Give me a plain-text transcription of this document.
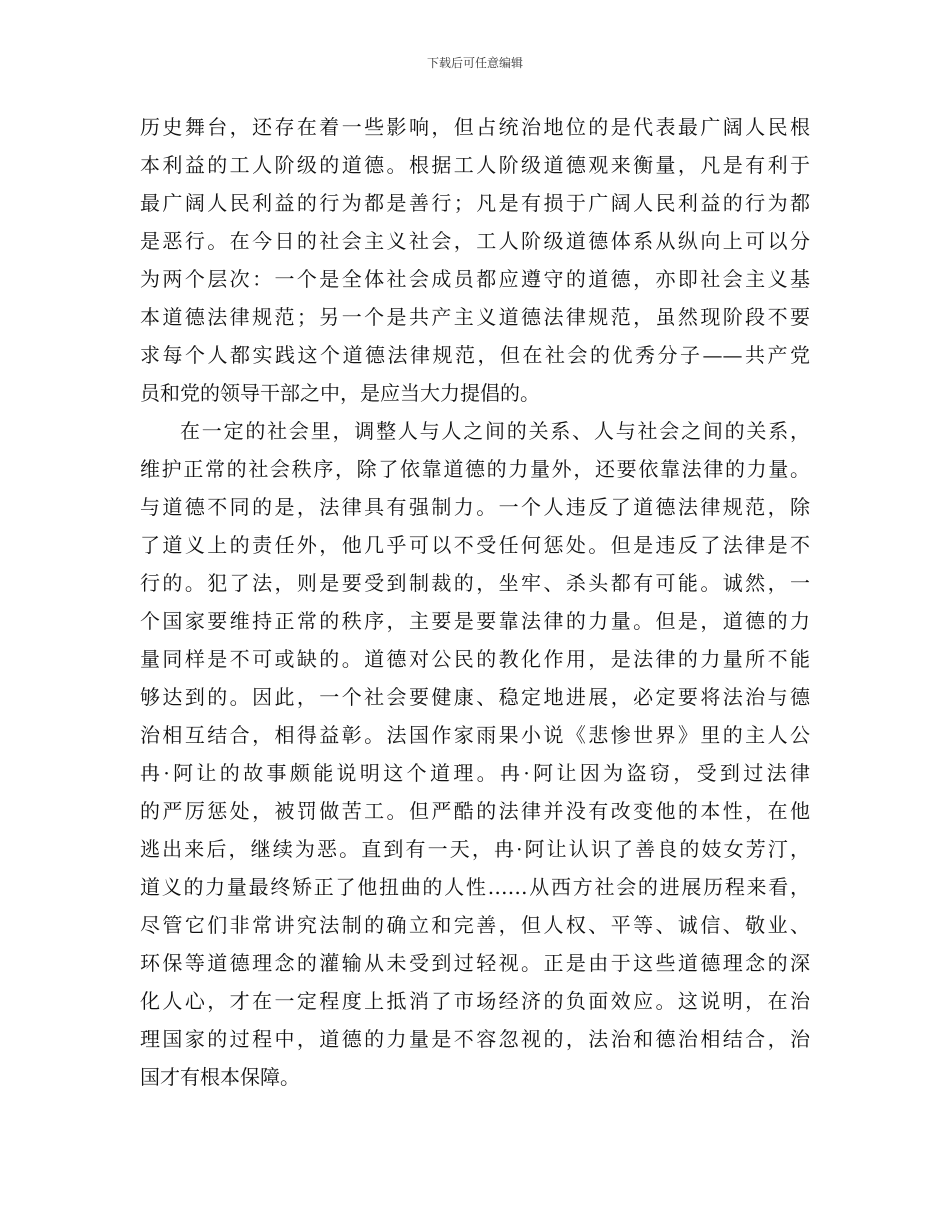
下载后可任意编辑
历史舞台，还存在着一些影响，但占统治地位的是代表最广阔人民根
本利益的工人阶级的道德。根据工人阶级道德观来衡量，凡是有利于
最广阔人民利益的行为都是善行；凡是有损于广阔人民利益的行为都
是恶行。在今日的社会主义社会，工人阶级道德体系从纵向上可以分
为两个层次：一个是全体社会成员都应遵守的道德，亦即社会主义基
本道德法律规范；另一个是共产主义道德法律规范，虽然现阶段不要
求每个人都实践这个道德法律规范，但在社会的优秀分子——共产党
员和党的领导干部之中，是应当大力提倡的。
在一定的社会里，调整人与人之间的关系、人与社会之间的关系，
维护正常的社会秩序，除了依靠道德的力量外，还要依靠法律的力量。
与道德不同的是，法律具有强制力。一个人违反了道德法律规范，除
了道义上的责任外，他几乎可以不受任何惩处。但是违反了法律是不
行的。犯了法，则是要受到制裁的，坐牢、杀头都有可能。诚然，一
个国家要维持正常的秩序，主要是要靠法律的力量。但是，道德的力
量同样是不可或缺的。道德对公民的教化作用，是法律的力量所不能
够达到的。因此，一个社会要健康、稳定地进展，必定要将法治与德
治相互结合，相得益彰。法国作家雨果小说《悲惨世界》里的主人公
冉·阿让的故事颇能说明这个道理。冉·阿让因为盗窃，受到过法律
的严厉惩处，被罚做苦工。但严酷的法律并没有改变他的本性，在他
逃出来后，继续为恶。直到有一天，冉·阿让认识了善良的妓女芳汀，
道义的力量最终矫正了他扭曲的人性……从西方社会的进展历程来看，
尽管它们非常讲究法制的确立和完善，但人权、平等、诚信、敬业、
环保等道德理念的灌输从未受到过轻视。正是由于这些道德理念的深
化人心，才在一定程度上抵消了市场经济的负面效应。这说明，在治
理国家的过程中，道德的力量是不容忽视的，法治和德治相结合，治
国才有根本保障。
